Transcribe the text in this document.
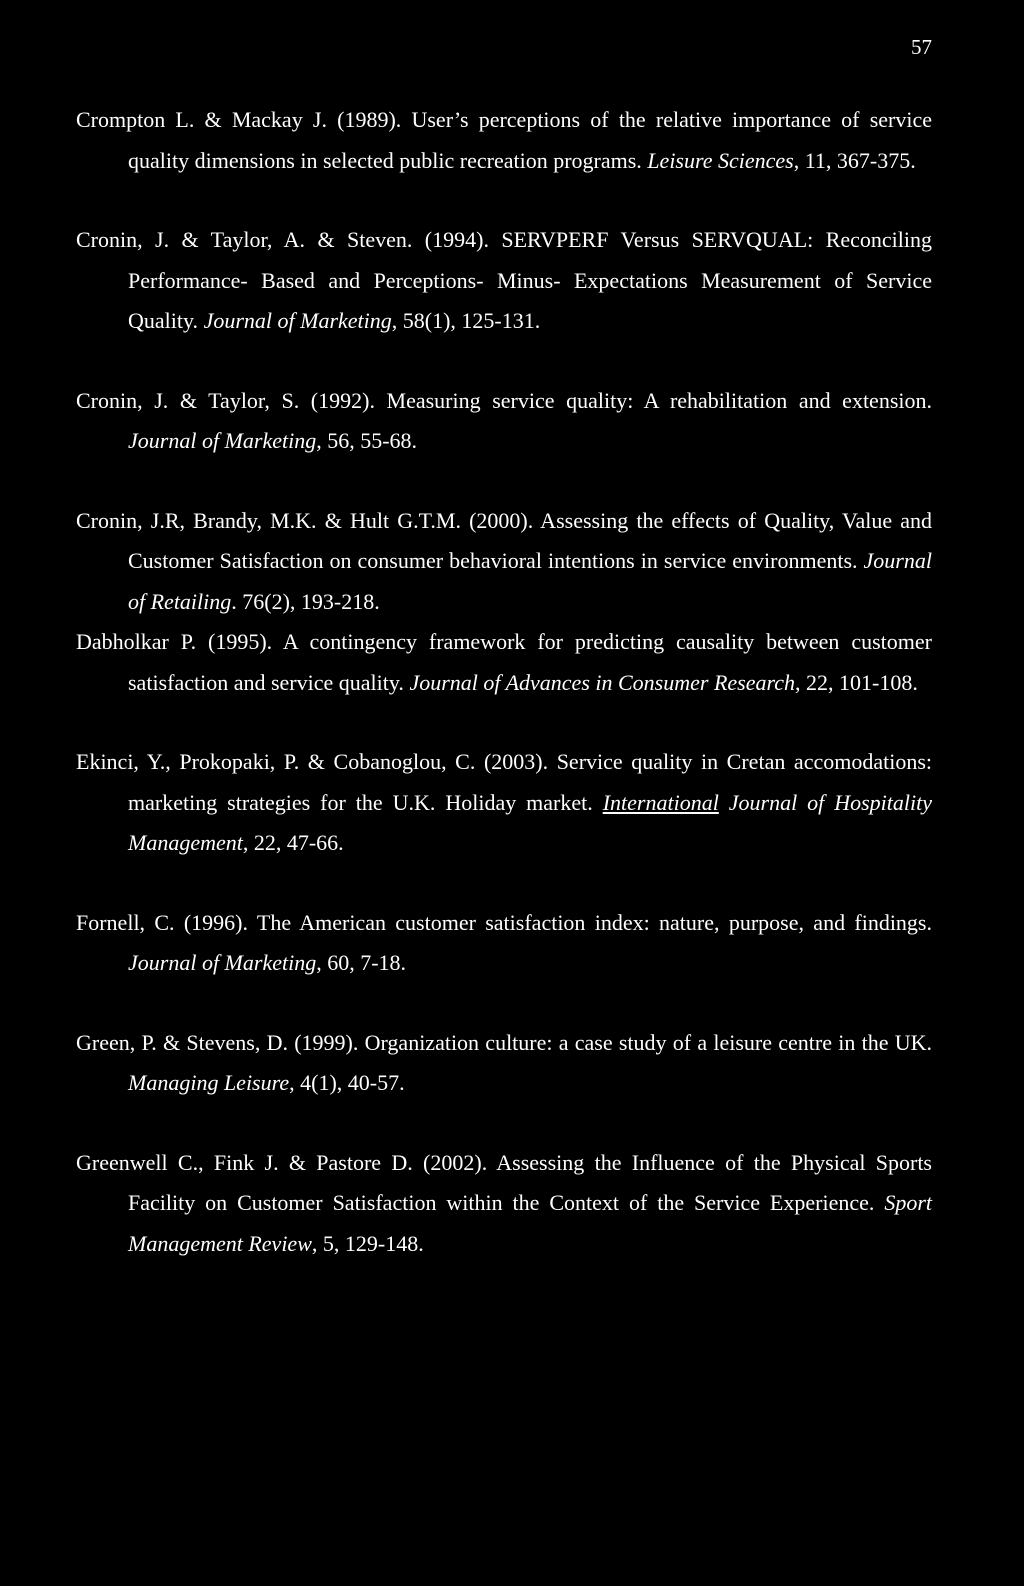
57

Crompton L. & Mackay J. (1989). User’s perceptions of the relative importance of service quality dimensions in selected public recreation programs. Leisure Sciences, 11, 367-375.

Cronin, J. & Taylor, A. & Steven. (1994). SERVPERF Versus SERVQUAL: Reconciling Performance- Based and Perceptions- Minus- Expectations Measurement of Service Quality. Journal of Marketing, 58(1), 125-131.

Cronin, J. & Taylor, S. (1992). Measuring service quality: A rehabilitation and extension. Journal of Marketing, 56, 55-68.

Cronin, J.R, Brandy, M.K. & Hult G.T.M. (2000). Assessing the effects of Quality, Value and Customer Satisfaction on consumer behavioral intentions in service environments. Journal of Retailing. 76(2), 193-218.

Dabholkar P. (1995). A contingency framework for predicting causality between customer satisfaction and service quality. Journal of Advances in Consumer Research, 22, 101-108.

Ekinci, Y., Prokopaki, P. & Cobanoglou, C. (2003). Service quality in Cretan accomodations: marketing strategies for the U.K. Holiday market. International Journal of Hospitality Management, 22, 47-66.

Fornell, C. (1996). The American customer satisfaction index: nature, purpose, and findings. Journal of Marketing, 60, 7-18.

Green, P. & Stevens, D. (1999). Organization culture: a case study of a leisure centre in the UK. Managing Leisure, 4(1), 40-57.

Greenwell C., Fink J. & Pastore D. (2002). Assessing the Influence of the Physical Sports Facility on Customer Satisfaction within the Context of the Service Experience. Sport Management Review, 5, 129-148.
